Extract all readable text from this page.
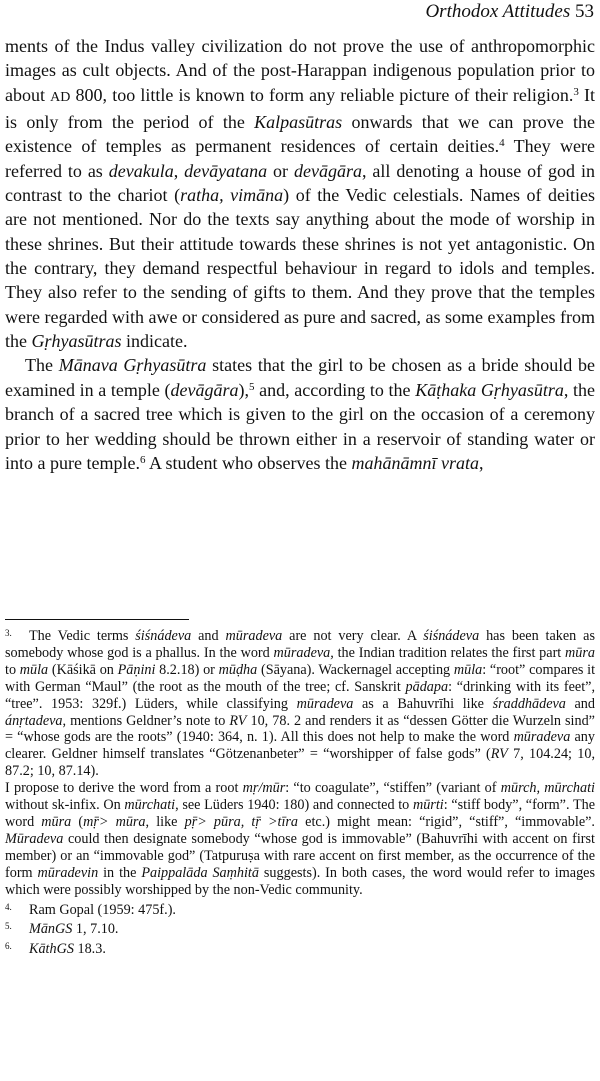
Orthodox Attitudes 53

ments of the Indus valley civilization do not prove the use of anthropomorphic images as cult objects. And of the post-Harappan indigenous population prior to about AD 800, too little is known to form any reliable picture of their religion.$^3$ It is only from the period of the Kalpasūtras onwards that we can prove the existence of temples as permanent residences of certain deities.$^4$ They were referred to as devakula, devāyatana or devāgāra, all denoting a house of god in contrast to the chariot (ratha, vimāna) of the Vedic celestials. Names of deities are not mentioned. Nor do the texts say anything about the mode of worship in these shrines. But their attitude towards these shrines is not yet antagonistic. On the contrary, they demand respectful behaviour in regard to idols and temples. They also refer to the sending of gifts to them. And they prove that the temples were regarded with awe or considered as pure and sacred, as some examples from the Gṛhyasūtras indicate.

The Mānava Gṛhyasūtra states that the girl to be chosen as a bride should be examined in a temple (devāgāra),$^5$ and, according to the Kāṭhaka Gṛhyasūtra, the branch of a sacred tree which is given to the girl on the occasion of a ceremony prior to her wedding should be thrown either in a reservoir of standing water or into a pure temple.$^6$ A student who observes the mahānāmnī vrata,

3. The Vedic terms śiśnádeva and mūradeva are not very clear. A śiśnádeva has been taken as somebody whose god is a phallus. In the word mūradeva, the Indian tradition relates the first part mūra to mūla (Kāśikā on Pāṇini 8.2.18) or mūḍha (Sāyana). Wackernagel accepting mūla: “root” compares it with German “Maul” (the root as the mouth of the tree; cf. Sanskrit pādapa: “drinking with its feet”, “tree”. 1953: 329f.) Lüders, while classifying mūradeva as a Bahuvrīhi like śraddhādeva and ánṛtadeva, mentions Geldner’s note to RV 10, 78. 2 and renders it as “dessen Götter die Wurzeln sind” = “whose gods are the roots” (1940: 364, n. 1). All this does not help to make the word mūradeva any clearer. Geldner himself translates “Götzenanbeter” = “worshipper of false gods” (RV 7, 104.24; 10, 87.2; 10, 87.14).

I propose to derive the word from a root mṛ/mūr: “to coagulate”, “stiffen” (variant of mūrch, mūrchati without sk-infix. On mūrchati, see Lüders 1940: 180) and connected to mūrti: “stiff body”, “form”. The word mūra (mṝ> mūra, like pṝ> pūra, tṝ >tīra etc.) might mean: “rigid”, “stiff”, “immovable”. Mūradeva could then designate somebody “whose god is immovable” (Bahuvrīhi with accent on first member) or an “immovable god” (Tatpuruṣa with rare accent on first member, as the occurrence of the form mūradevin in the Paippalāda Saṃhitā suggests). In both cases, the word would refer to images which were possibly worshipped by the non-Vedic community.

4. Ram Gopal (1959: 475f.).

5. MānGS 1, 7.10.

6. KāthGS 18.3.
